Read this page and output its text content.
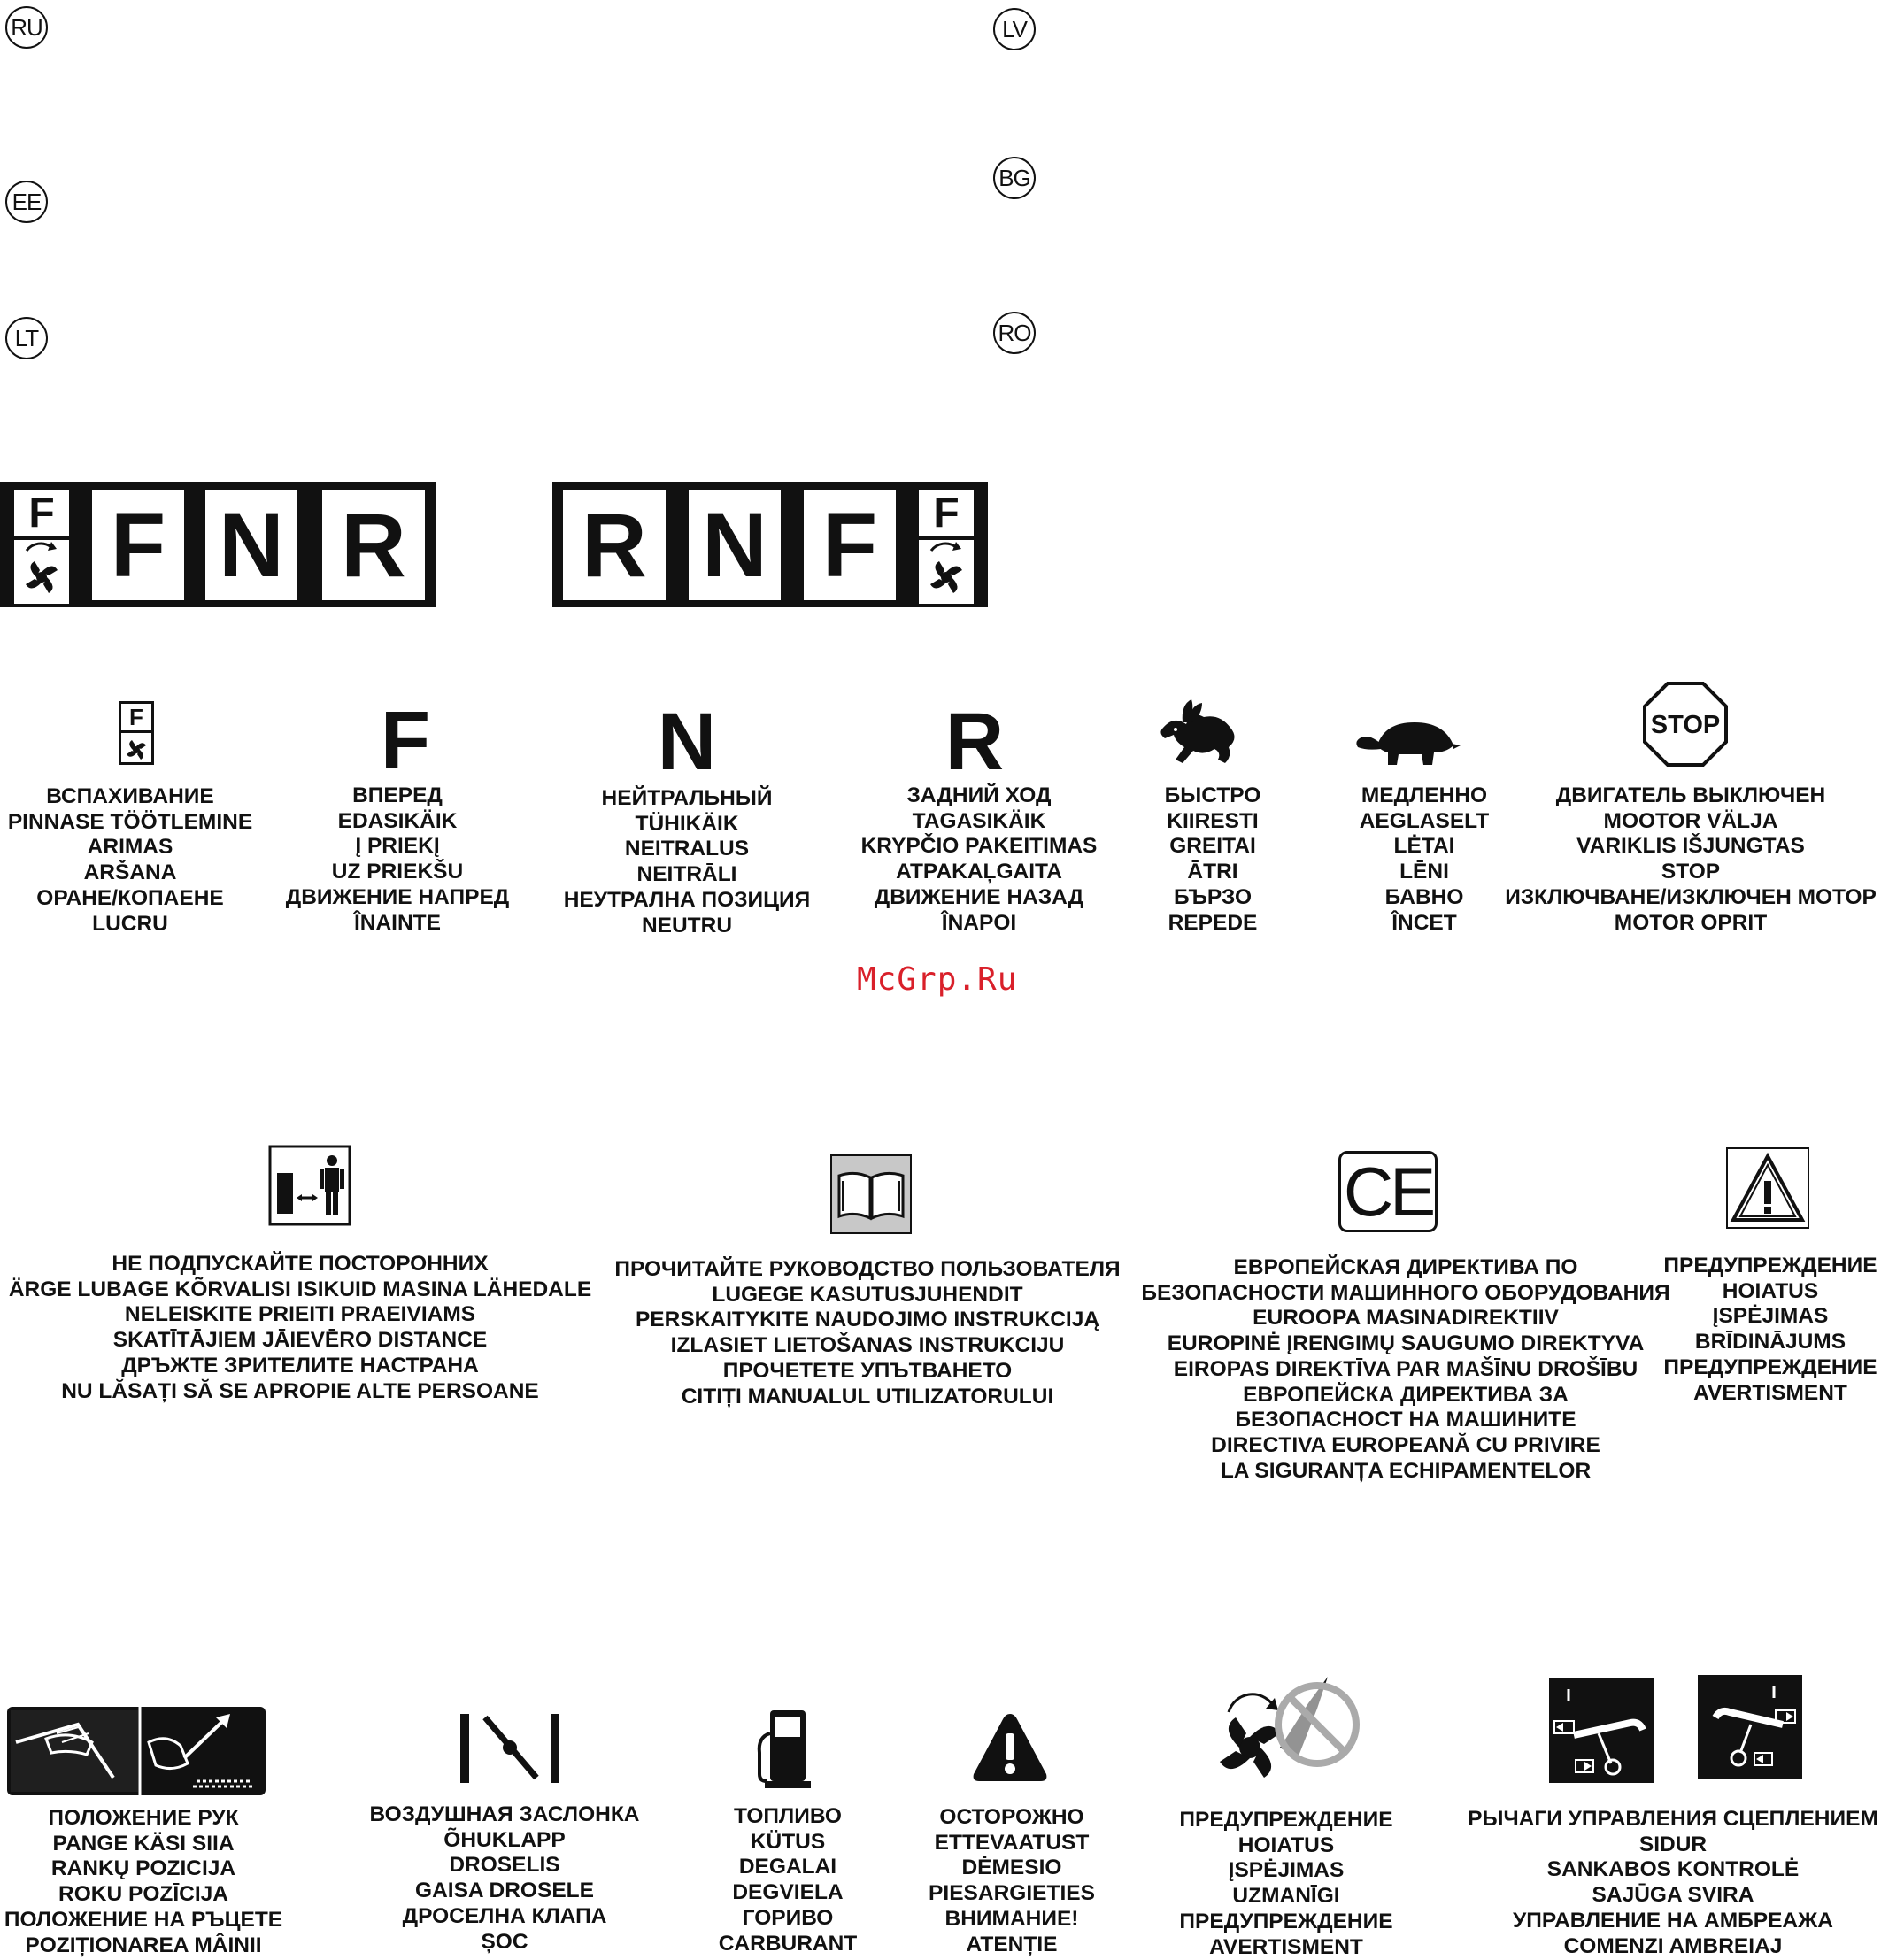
RU	LV
EE
BG
LT	RO
F F N R R N F	F
F	F	N	R	STOP
ВСПАХИВАНИЕ
PINNASE TÖÖTLEMINE
ARIMAS
ARŠANA
ОРАНЕ/КОПАЕНЕ
LUCRU
ВПЕРЕД
EDASIKÄIK
Į PRIEKĮ
UZ PRIEKŠU
ДВИЖЕНИЕ НАПРЕД
ÎNAINTE
НЕЙТРАЛЬНЫЙ
TÜHIKÄIK
NEITRALUS
NEITRĀLI
НЕУТРАЛНА ПОЗИЦИЯ
NEUTRU
ЗАДНИЙ ХОД
TAGASIKÄIK
KRYPČIO PAKEITIMAS
ATPAKAĻGAITA
ДВИЖЕНИЕ НАЗАД
ÎNAPOI
БЫСТРО
KIIRESTI
GREITAI
ĀTRI
БЪРЗО
REPEDE
МЕДЛЕННО
AEGLASELT
LĖTAI
LĒNI
БАВНО
ÎNCET
ДВИГАТЕЛЬ ВЫКЛЮЧЕН
MOOTOR VÄLJA
VARIKLIS IŠJUNGTAS
STOP
ИЗКЛЮЧВАНЕ/ИЗКЛЮЧЕН МОТОР
MOTOR OPRIT
McGrp.Ru
CE
НЕ ПОДПУСКАЙТЕ ПОСТОРОННИХ
ÄRGE LUBAGE KÕRVALISI ISIKUID MASINA LÄHEDALE
NELEISKITE PRIEITI PRAEIVIAMS
SKATĪTĀJIEM JĀIEVĒRO DISTANCE
ДРЪЖТЕ ЗРИТЕЛИТЕ НАСТРАНА
NU LĂSAȚI SĂ SE APROPIE ALTE PERSOANE
ПРОЧИТАЙТЕ РУКОВОДСТВО ПОЛЬЗОВАТЕЛЯ
LUGEGE KASUTUSJUHENDIT
PERSKAITYKITE NAUDOJIMO INSTRUKCIJĄ
IZLASIET LIETOŠANAS INSTRUKCIJU
ПРОЧЕТЕТЕ УПЪТВАНЕТО
CITIȚI MANUALUL UTILIZATORULUI
ЕВРОПЕЙСКАЯ ДИРЕКТИВА ПО
БЕЗОПАСНОСТИ МАШИННОГО ОБОРУДОВАНИЯ
EUROOPA MASINADIREKTIIV
EUROPINĖ ĮRENGIMŲ SAUGUMO DIREKTYVA
EIROPAS DIREKTĪVA PAR MAŠĪNU DROŠĪBU
ЕВРОПЕЙСКА ДИРЕКТИВА ЗА
БЕЗОПАСНОСТ НА МАШИНИТЕ
DIRECTIVA EUROPEANĂ CU PRIVIRE
LA SIGURANȚA ECHIPAMENTELOR
ПРЕДУПРЕЖДЕНИЕ
HOIATUS
ĮSPĖJIMAS
BRĪDINĀJUMS
ПРЕДУПРЕЖДЕНИЕ
AVERTISMENT
ПОЛОЖЕНИЕ РУК
PANGE KÄSI SIIA
RANKŲ POZICIJA
ROKU POZĪCIJA
ПОЛОЖЕНИЕ НА РЪЦЕТЕ
POZIȚIONAREA MÂINII
ВОЗДУШНАЯ ЗАСЛОНКА
ÕHUKLAPP
DROSELIS
GAISA DROSELE
ДРОСЕЛНА КЛАПА
ȘOC
ТОПЛИВО
KÜTUS
DEGALAI
DEGVIELA
ГОРИВО
CARBURANT
ОСТОРОЖНО
ETTEVAATUST
DĖMESIO
PIESARGIETIES
ВНИМАНИЕ!
ATENȚIE
ПРЕДУПРЕЖДЕНИЕ
HOIATUS
ĮSPĖJIMAS
UZMANĪGI
ПРЕДУПРЕЖДЕНИЕ
AVERTISMENT
РЫЧАГИ УПРАВЛЕНИЯ СЦЕПЛЕНИЕМ
SIDUR
SANKABOS KONTROLĖ
SAJŪGA SVIRA
УПРАВЛЕНИЕ НА АМБРЕАЖА
COMENZI AMBREIAJ
